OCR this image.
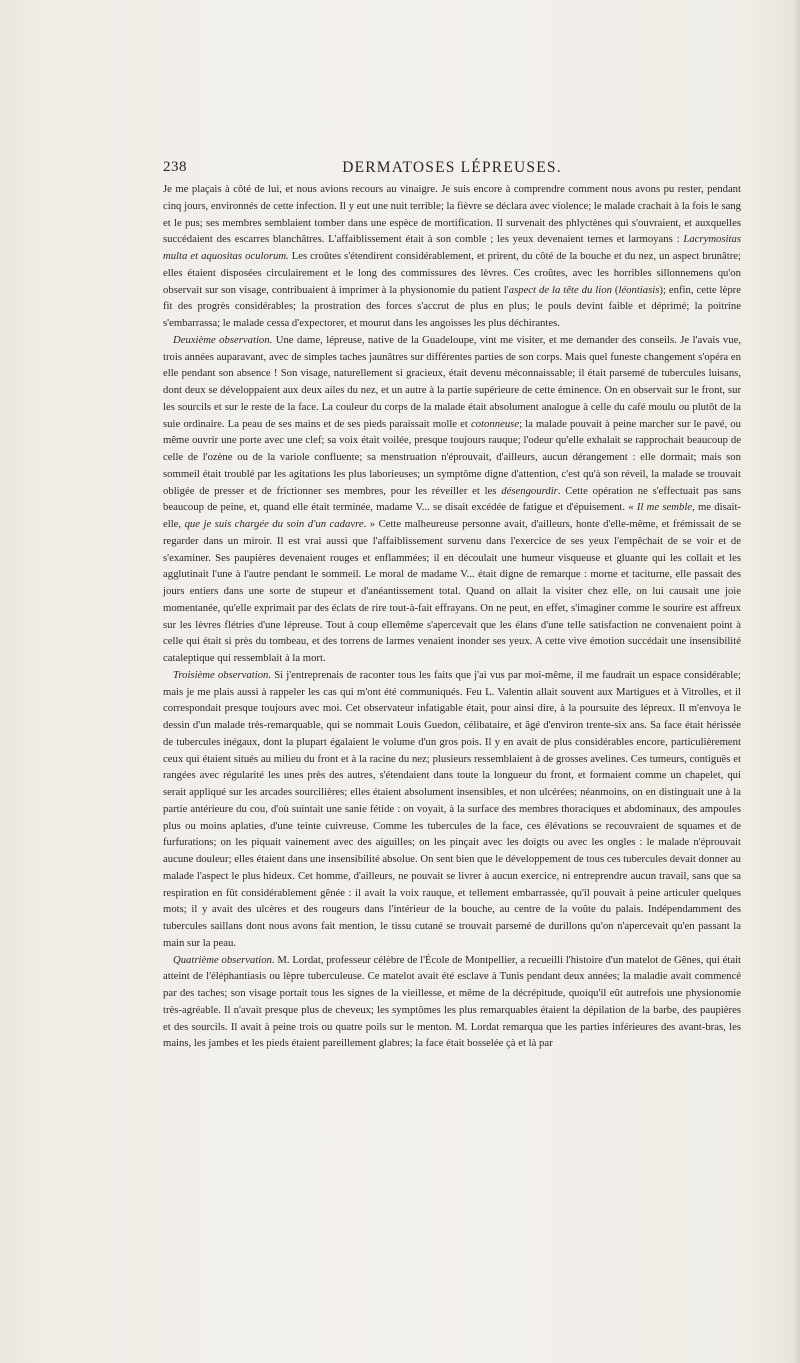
238	DERMATOSES LÉPREUSES.

Je me plaçais à côté de lui, et nous avions recours au vinaigre. Je suis encore à comprendre comment nous avons pu rester, pendant cinq jours, environnés de cette infection. Il y eut une nuit terrible; la fièvre se déclara avec violence; le malade crachait à la fois le sang et le pus; ses membres semblaient tomber dans une espèce de mortification. Il survenait des phlyctènes qui s'ouvraient, et auxquelles succédaient des escarres blanchâtres. L'affaiblissement était à son comble ; les yeux devenaient ternes et larmoyans : Lacrymositas multa et aquositas oculorum. Les croûtes s'étendirent considérablement, et prirent, du côté de la bouche et du nez, un aspect brunâtre; elles étaient disposées circulairement et le long des commissures des lèvres. Ces croûtes, avec les horribles sillonnemens qu'on observait sur son visage, contribuaient à imprimer à la physionomie du patient l'aspect de la tête du lion (léontiasis); enfin, cette lèpre fit des progrès considérables; la prostration des forces s'accrut de plus en plus; le pouls devint faible et déprimé; la poitrine s'embarrassa; le malade cessa d'expectorer, et mourut dans les angoisses les plus déchirantes.

Deuxième observation. Une dame, lépreuse, native de la Guadeloupe, vint me visiter, et me demander des conseils. Je l'avais vue, trois années auparavant, avec de simples taches jaunâtres sur différentes parties de son corps. Mais quel funeste changement s'opéra en elle pendant son absence ! Son visage, naturellement si gracieux, était devenu méconnaissable; il était parsemé de tubercules luisans, dont deux se développaient aux deux ailes du nez, et un autre à la partie supérieure de cette éminence. On en observait sur le front, sur les sourcils et sur le reste de la face. La couleur du corps de la malade était absolument analogue à celle du café moulu ou plutôt de la suie ordinaire. La peau de ses mains et de ses pieds paraissait molle et cotonneuse; la malade pouvait à peine marcher sur le pavé, ou même ouvrir une porte avec une clef; sa voix était voilée, presque toujours rauque; l'odeur qu'elle exhalait se rapprochait beaucoup de celle de l'ozène ou de la variole confluente; sa menstruation n'éprouvait, d'ailleurs, aucun dérangement : elle dormait; mais son sommeil était troublé par les agitations les plus laborieuses; un symptôme digne d'attention, c'est qu'à son réveil, la malade se trouvait obligée de presser et de frictionner ses membres, pour les réveiller et les désengourdir. Cette opération ne s'effectuait pas sans beaucoup de peine, et, quand elle était terminée, madame V... se disait excédée de fatigue et d'épuisement. « Il me semble, me disait-elle, que je suis chargée du soin d'un cadavre. » Cette malheureuse personne avait, d'ailleurs, honte d'elle-même, et frémissait de se regarder dans un miroir. Il est vrai aussi que l'affaiblissement survenu dans l'exercice de ses yeux l'empêchait de se voir et de s'examiner. Ses paupières devenaient rouges et enflammées; il en découlait une humeur visqueuse et gluante qui les collait et les agglutinait l'une à l'autre pendant le sommeil. Le moral de madame V... était digne de remarque : morne et taciturne, elle passait des jours entiers dans une sorte de stupeur et d'anéantissement total. Quand on allait la visiter chez elle, on lui causait une joie momentanée, qu'elle exprimait par des éclats de rire tout-à-fait effrayans. On ne peut, en effet, s'imaginer comme le sourire est affreux sur les lèvres flétries d'une lépreuse. Tout à coup ellemême s'apercevait que les élans d'une telle satisfaction ne convenaient point à celle qui était si près du tombeau, et des torrens de larmes venaient inonder ses yeux. A cette vive émotion succédait une insensibilité cataleptique qui ressemblait à la mort.

Troisième observation. Si j'entreprenais de raconter tous les faits que j'ai vus par moi-même, il me faudrait un espace considérable; mais je me plais aussi à rappeler les cas qui m'ont été communiqués. Feu L. Valentin allait souvent aux Martigues et à Vitrolles, et il correspondait presque toujours avec moi. Cet observateur infatigable était, pour ainsi dire, à la poursuite des lépreux. Il m'envoya le dessin d'un malade très-remarquable, qui se nommait Louis Guedon, célibataire, et âgé d'environ trente-six ans. Sa face était hérissée de tubercules inégaux, dont la plupart égalaient le volume d'un gros pois. Il y en avait de plus considérables encore, particulièrement ceux qui étaient situés au milieu du front et à la racine du nez; plusieurs ressemblaient à de grosses avelines. Ces tumeurs, contiguës et rangées avec régularité les unes près des autres, s'étendaient dans toute la longueur du front, et formaient comme un chapelet, qui serait appliqué sur les arcades sourcilières; elles étaient absolument insensibles, et non ulcérées; néanmoins, on en distinguait une à la partie antérieure du cou, d'où suintait une sanie fétide : on voyait, à la surface des membres thoraciques et abdominaux, des ampoules plus ou moins aplaties, d'une teinte cuivreuse. Comme les tubercules de la face, ces élévations se recouvraient de squames et de furfurations; on les piquait vainement avec des aiguilles; on les pinçait avec les doigts ou avec les ongles : le malade n'éprouvait aucune douleur; elles étaient dans une insensibilité absolue. On sent bien que le développement de tous ces tubercules devait donner au malade l'aspect le plus hideux. Cet homme, d'ailleurs, ne pouvait se livrer à aucun exercice, ni entreprendre aucun travail, sans que sa respiration en fût considérablement gênée : il avait la voix rauque, et tellement embarrassée, qu'il pouvait à peine articuler quelques mots; il y avait des ulcères et des rougeurs dans l'intérieur de la bouche, au centre de la voûte du palais. Indépendamment des tubercules saillans dont nous avons fait mention, le tissu cutané se trouvait parsemé de durillons qu'on n'apercevait qu'en passant la main sur la peau.

Quatrième observation. M. Lordat, professeur célèbre de l'École de Montpellier, a recueilli l'histoire d'un matelot de Gênes, qui était atteint de l'éléphantiasis ou lèpre tuberculeuse. Ce matelot avait été esclave à Tunis pendant deux années; la maladie avait commencé par des taches; son visage portait tous les signes de la vieillesse, et même de la décrépitude, quoiqu'il eût autrefois une physionomie très-agréable. Il n'avait presque plus de cheveux; les symptômes les plus remarquables étaient la dépilation de la barbe, des paupières et des sourcils. Il avait à peine trois ou quatre poils sur le menton. M. Lordat remarqua que les parties inférieures des avant-bras, les mains, les jambes et les pieds étaient pareillement glabres; la face était bosselée çà et là par
